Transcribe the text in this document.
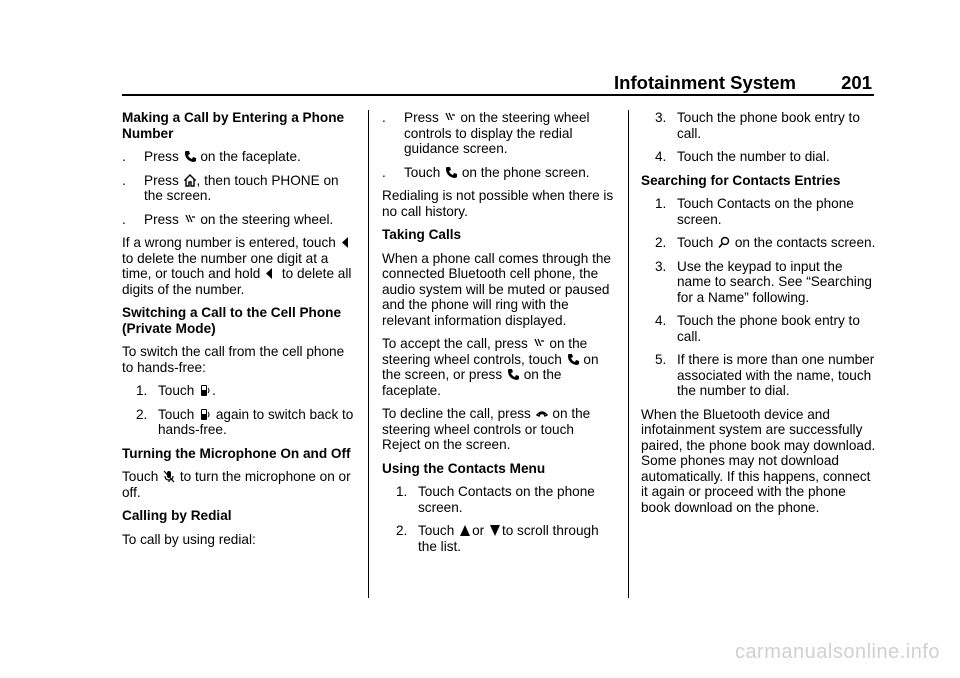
Infotainment System 201

Making a Call by Entering a Phone Number

.	Press on the faceplate.
.	Press , then touch PHONE on the screen.
.	Press on the steering wheel.

If a wrong number is entered, touch
to delete the number one digit at a time, or touch and hold to delete all digits of the number.

Switching a Call to the Cell Phone (Private Mode)

To switch the call from the cell phone to hands-free:

1. Touch .
2. Touch again to switch back to hands-free.

Turning the Microphone On and Off

Touch to turn the microphone on or off.

Calling by Redial

To call by using redial:

.	Press on the steering wheel controls to display the redial guidance screen.
.	Touch on the phone screen.

Redialing is not possible when there is no call history.

Taking Calls

When a phone call comes through the connected Bluetooth cell phone, the audio system will be muted or paused and the phone will ring with the relevant information displayed.

To accept the call, press on the steering wheel controls, touch on the screen, or press on the faceplate.

To decline the call, press on the steering wheel controls or touch Reject on the screen.

Using the Contacts Menu

1. Touch Contacts on the phone screen.
2. Touch or to scroll through the list.
3. Touch the phone book entry to call.
4. Touch the number to dial.

Searching for Contacts Entries

1. Touch Contacts on the phone screen.
2. Touch on the contacts screen.
3. Use the keypad to input the name to search. See “Searching for a Name” following.
4. Touch the phone book entry to call.
5. If there is more than one number associated with the name, touch the number to dial.

When the Bluetooth device and infotainment system are successfully paired, the phone book may download. Some phones may not download automatically. If this happens, connect it again or proceed with the phone book download on the phone.

carmanualsonline.info
